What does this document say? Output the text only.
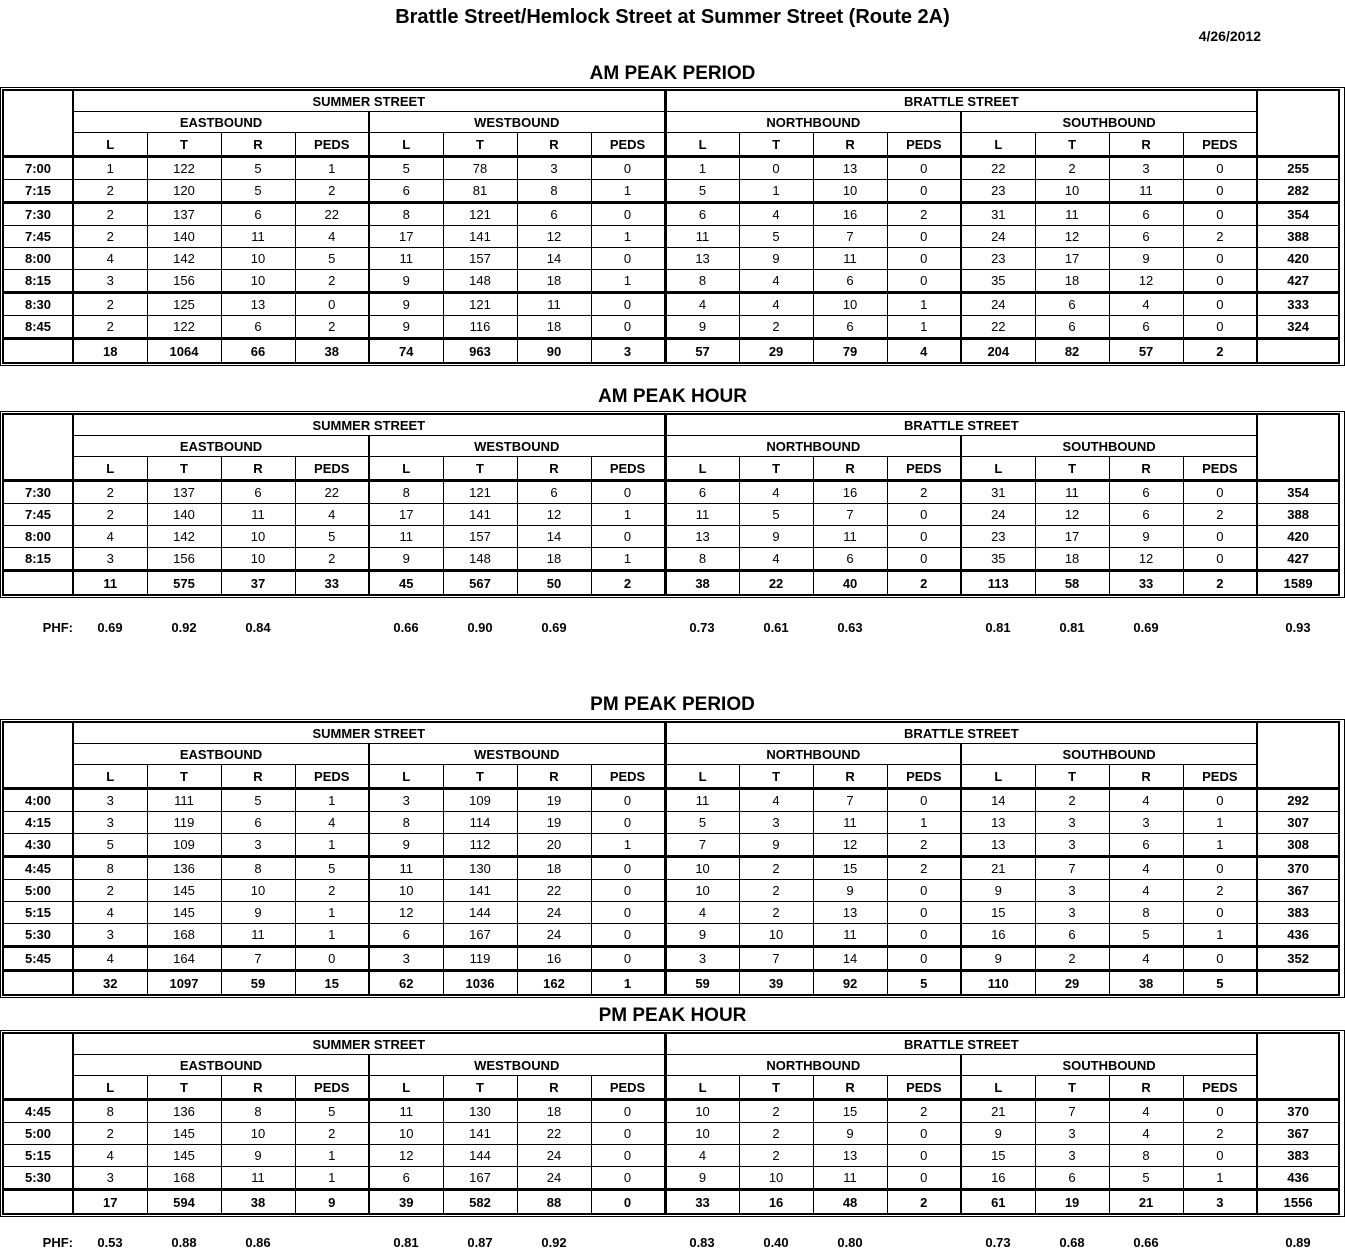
Brattle Street/Hemlock Street at Summer Street (Route 2A)
4/26/2012
AM PEAK PERIOD
	SUMMER STREET								BRATTLE STREET								
	EASTBOUND				WESTBOUND				NORTHBOUND				SOUTHBOUND				
	L	T	R	PEDS	L	T	R	PEDS	L	T	R	PEDS	L	T	R	PEDS	
7:00	1	122	5	1	5	78	3	0	1	0	13	0	22	2	3	0	255
7:15	2	120	5	2	6	81	8	1	5	1	10	0	23	10	11	0	282
7:30	2	137	6	22	8	121	6	0	6	4	16	2	31	11	6	0	354
7:45	2	140	11	4	17	141	12	1	11	5	7	0	24	12	6	2	388
8:00	4	142	10	5	11	157	14	0	13	9	11	0	23	17	9	0	420
8:15	3	156	10	2	9	148	18	1	8	4	6	0	35	18	12	0	427
8:30	2	125	13	0	9	121	11	0	4	4	10	1	24	6	4	0	333
8:45	2	122	6	2	9	116	18	0	9	2	6	1	22	6	6	0	324
	18	1064	66	38	74	963	90	3	57	29	79	4	204	82	57	2	
AM PEAK HOUR
	SUMMER STREET								BRATTLE STREET								
	EASTBOUND				WESTBOUND				NORTHBOUND				SOUTHBOUND				
	L	T	R	PEDS	L	T	R	PEDS	L	T	R	PEDS	L	T	R	PEDS	
7:30	2	137	6	22	8	121	6	0	6	4	16	2	31	11	6	0	354
7:45	2	140	11	4	17	141	12	1	11	5	7	0	24	12	6	2	388
8:00	4	142	10	5	11	157	14	0	13	9	11	0	23	17	9	0	420
8:15	3	156	10	2	9	148	18	1	8	4	6	0	35	18	12	0	427
	11	575	37	33	45	567	50	2	38	22	40	2	113	58	33	2	1589
PHF:	0.69	0.92	0.84		0.66	0.90	0.69		0.73	0.61	0.63		0.81	0.81	0.69		0.93
PM PEAK PERIOD
	SUMMER STREET								BRATTLE STREET								
	EASTBOUND				WESTBOUND				NORTHBOUND				SOUTHBOUND				
	L	T	R	PEDS	L	T	R	PEDS	L	T	R	PEDS	L	T	R	PEDS	
4:00	3	111	5	1	3	109	19	0	11	4	7	0	14	2	4	0	292
4:15	3	119	6	4	8	114	19	0	5	3	11	1	13	3	3	1	307
4:30	5	109	3	1	9	112	20	1	7	9	12	2	13	3	6	1	308
4:45	8	136	8	5	11	130	18	0	10	2	15	2	21	7	4	0	370
5:00	2	145	10	2	10	141	22	0	10	2	9	0	9	3	4	2	367
5:15	4	145	9	1	12	144	24	0	4	2	13	0	15	3	8	0	383
5:30	3	168	11	1	6	167	24	0	9	10	11	0	16	6	5	1	436
5:45	4	164	7	0	3	119	16	0	3	7	14	0	9	2	4	0	352
	32	1097	59	15	62	1036	162	1	59	39	92	5	110	29	38	5	
PM PEAK HOUR
	SUMMER STREET								BRATTLE STREET								
	EASTBOUND				WESTBOUND				NORTHBOUND				SOUTHBOUND				
	L	T	R	PEDS	L	T	R	PEDS	L	T	R	PEDS	L	T	R	PEDS	
4:45	8	136	8	5	11	130	18	0	10	2	15	2	21	7	4	0	370
5:00	2	145	10	2	10	141	22	0	10	2	9	0	9	3	4	2	367
5:15	4	145	9	1	12	144	24	0	4	2	13	0	15	3	8	0	383
5:30	3	168	11	1	6	167	24	0	9	10	11	0	16	6	5	1	436
	17	594	38	9	39	582	88	0	33	16	48	2	61	19	21	3	1556
PHF:	0.53	0.88	0.86		0.81	0.87	0.92		0.83	0.40	0.80		0.73	0.68	0.66		0.89
